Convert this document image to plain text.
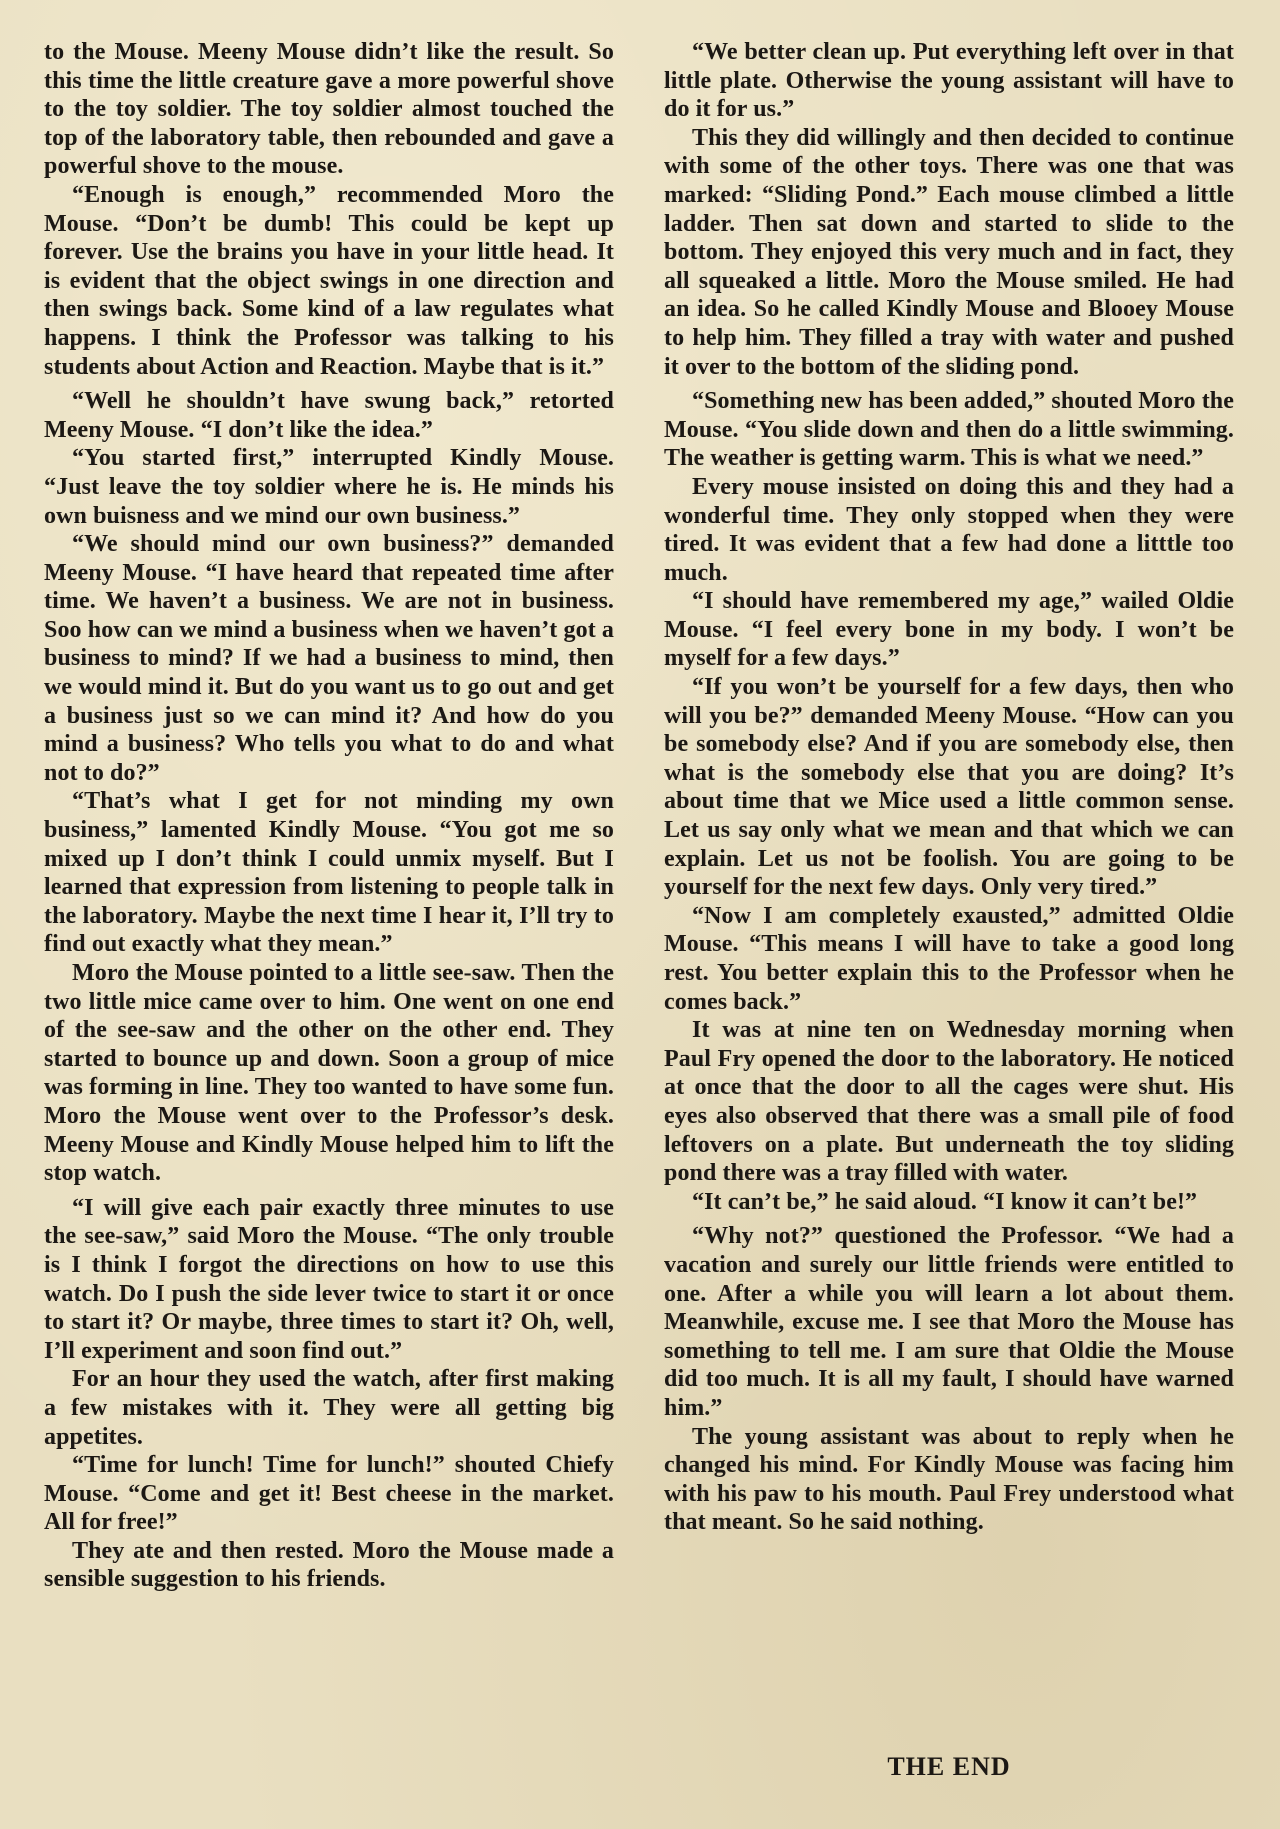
to the Mouse. Meeny Mouse didn’t like the result. So this time the little creature gave a more powerful shove to the toy soldier. The toy soldier almost touched the top of the laboratory table, then rebounded and gave a powerful shove to the mouse.

“Enough is enough,” recommended Moro the Mouse. “Don’t be dumb! This could be kept up forever. Use the brains you have in your little head. It is evident that the object swings in one direction and then swings back. Some kind of a law regulates what happens. I think the Professor was talking to his students about Action and Reaction. Maybe that is it.”

“Well he shouldn’t have swung back,” retorted Meeny Mouse. “I don’t like the idea.”

“You started first,” interrupted Kindly Mouse. “Just leave the toy soldier where he is. He minds his own buisness and we mind our own business.”

“We should mind our own business?” demanded Meeny Mouse. “I have heard that repeated time after time. We haven’t a business. We are not in business. Soo how can we mind a business when we haven’t got a business to mind? If we had a business to mind, then we would mind it. But do you want us to go out and get a business just so we can mind it? And how do you mind a business? Who tells you what to do and what not to do?”

“That’s what I get for not minding my own business,” lamented Kindly Mouse. “You got me so mixed up I don’t think I could unmix myself. But I learned that expression from listening to people talk in the laboratory. Maybe the next time I hear it, I’ll try to find out exactly what they mean.”

Moro the Mouse pointed to a little see-saw. Then the two little mice came over to him. One went on one end of the see-saw and the other on the other end. They started to bounce up and down. Soon a group of mice was forming in line. They too wanted to have some fun. Moro the Mouse went over to the Professor’s desk. Meeny Mouse and Kindly Mouse helped him to lift the stop watch.

“I will give each pair exactly three minutes to use the see-saw,” said Moro the Mouse. “The only trouble is I think I forgot the directions on how to use this watch. Do I push the side lever twice to start it or once to start it? Or maybe, three times to start it? Oh, well, I’ll experiment and soon find out.”

For an hour they used the watch, after first making a few mistakes with it. They were all getting big appetites.

“Time for lunch! Time for lunch!” shouted Chiefy Mouse. “Come and get it! Best cheese in the market. All for free!”

They ate and then rested. Moro the Mouse made a sensible suggestion to his friends.

“We better clean up. Put everything left over in that little plate. Otherwise the young assistant will have to do it for us.”

This they did willingly and then decided to continue with some of the other toys. There was one that was marked: “Sliding Pond.” Each mouse climbed a little ladder. Then sat down and started to slide to the bottom. They enjoyed this very much and in fact, they all squeaked a little. Moro the Mouse smiled. He had an idea. So he called Kindly Mouse and Blooey Mouse to help him. They filled a tray with water and pushed it over to the bottom of the sliding pond.

“Something new has been added,” shouted Moro the Mouse. “You slide down and then do a little swimming. The weather is getting warm. This is what we need.”

Every mouse insisted on doing this and they had a wonderful time. They only stopped when they were tired. It was evident that a few had done a litttle too much.

“I should have remembered my age,” wailed Oldie Mouse. “I feel every bone in my body. I won’t be myself for a few days.”

“If you won’t be yourself for a few days, then who will you be?” demanded Meeny Mouse. “How can you be somebody else? And if you are somebody else, then what is the somebody else that you are doing? It’s about time that we Mice used a little common sense. Let us say only what we mean and that which we can explain. Let us not be foolish. You are going to be yourself for the next few days. Only very tired.”

“Now I am completely exausted,” admitted Oldie Mouse. “This means I will have to take a good long rest. You better explain this to the Professor when he comes back.”

It was at nine ten on Wednesday morning when Paul Fry opened the door to the laboratory. He noticed at once that the door to all the cages were shut. His eyes also observed that there was a small pile of food leftovers on a plate. But underneath the toy sliding pond there was a tray filled with water.

“It can’t be,” he said aloud. “I know it can’t be!”

“Why not?” questioned the Professor. “We had a vacation and surely our little friends were entitled to one. After a while you will learn a lot about them. Meanwhile, excuse me. I see that Moro the Mouse has something to tell me. I am sure that Oldie the Mouse did too much. It is all my fault, I should have warned him.”

The young assistant was about to reply when he changed his mind. For Kindly Mouse was facing him with his paw to his mouth. Paul Frey understood what that meant. So he said nothing.

THE END
